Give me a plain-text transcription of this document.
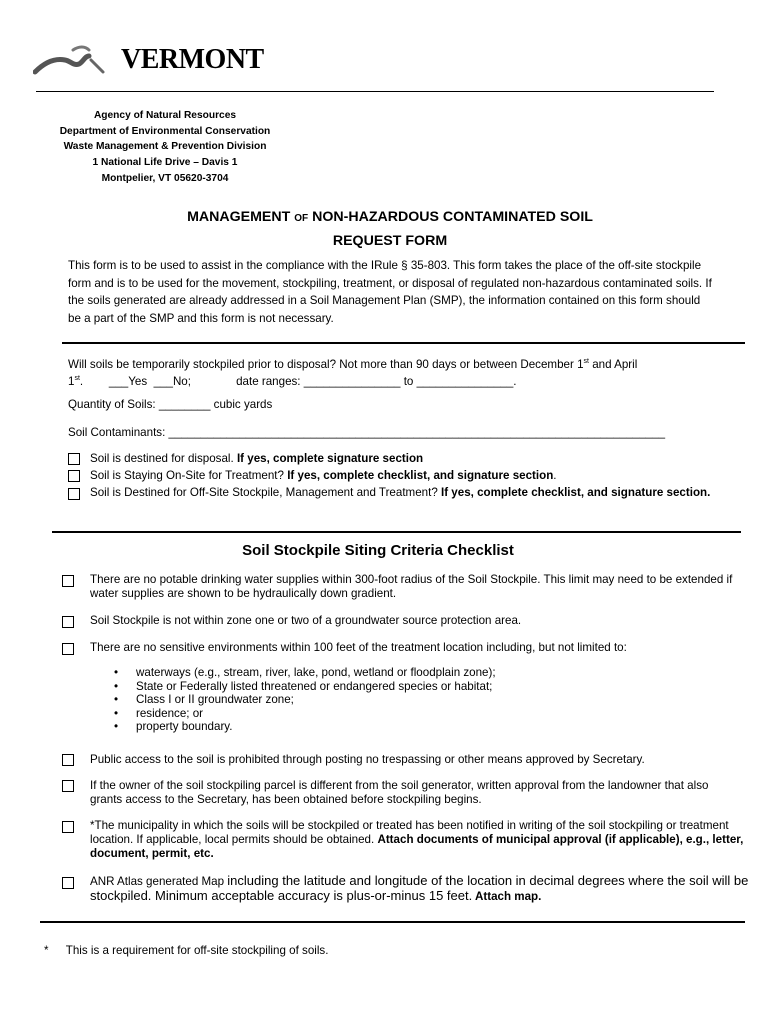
VERMONT
Agency of Natural Resources
Department of Environmental Conservation
Waste Management & Prevention Division
1 National Life Drive – Davis 1
Montpelier, VT 05620-3704
MANAGEMENT OF NON-HAZARDOUS CONTAMINATED SOIL
REQUEST FORM
This form is to be used to assist in the compliance with the IRule § 35-803. This form takes the place of the off-site stockpile form and is to be used for the movement, stockpiling, treatment, or disposal of regulated non-hazardous contaminated soils. If the soils generated are already addressed in a Soil Management Plan (SMP), the information contained on this form should be a part of the SMP and this form is not necessary.
Will soils be temporarily stockpiled prior to disposal? Not more than 90 days or between December 1st and April
1st.        ___Yes  ___No;              date ranges: _______________ to _______________.
Quantity of Soils: ________ cubic yards
Soil Contaminants: _____________________________________________________________________________
Soil is destined for disposal. If yes, complete signature section
Soil is Staying On-Site for Treatment? If yes, complete checklist, and signature section.
Soil is Destined for Off-Site Stockpile, Management and Treatment? If yes, complete checklist, and signature section.
Soil Stockpile Siting Criteria Checklist
There are no potable drinking water supplies within 300-foot radius of the Soil Stockpile. This limit may need to be extended if water supplies are shown to be hydraulically down gradient.
Soil Stockpile is not within zone one or two of a groundwater source protection area.
There are no sensitive environments within 100 feet of the treatment location including, but not limited to:
• waterways (e.g., stream, river, lake, pond, wetland or floodplain zone);
• State or Federally listed threatened or endangered species or habitat;
• Class I or II groundwater zone;
• residence; or
• property boundary.
Public access to the soil is prohibited through posting no trespassing or other means approved by Secretary.
If the owner of the soil stockpiling parcel is different from the soil generator, written approval from the landowner that also grants access to the Secretary, has been obtained before stockpiling begins.
*The municipality in which the soils will be stockpiled or treated has been notified in writing of the soil stockpiling or treatment location. If applicable, local permits should be obtained. Attach documents of municipal approval (if applicable), e.g., letter, document, permit, etc.
ANR Atlas generated Map including the latitude and longitude of the location in decimal degrees where the soil will be stockpiled. Minimum acceptable accuracy is plus-or-minus 15 feet. Attach map.
* This is a requirement for off-site stockpiling of soils.
